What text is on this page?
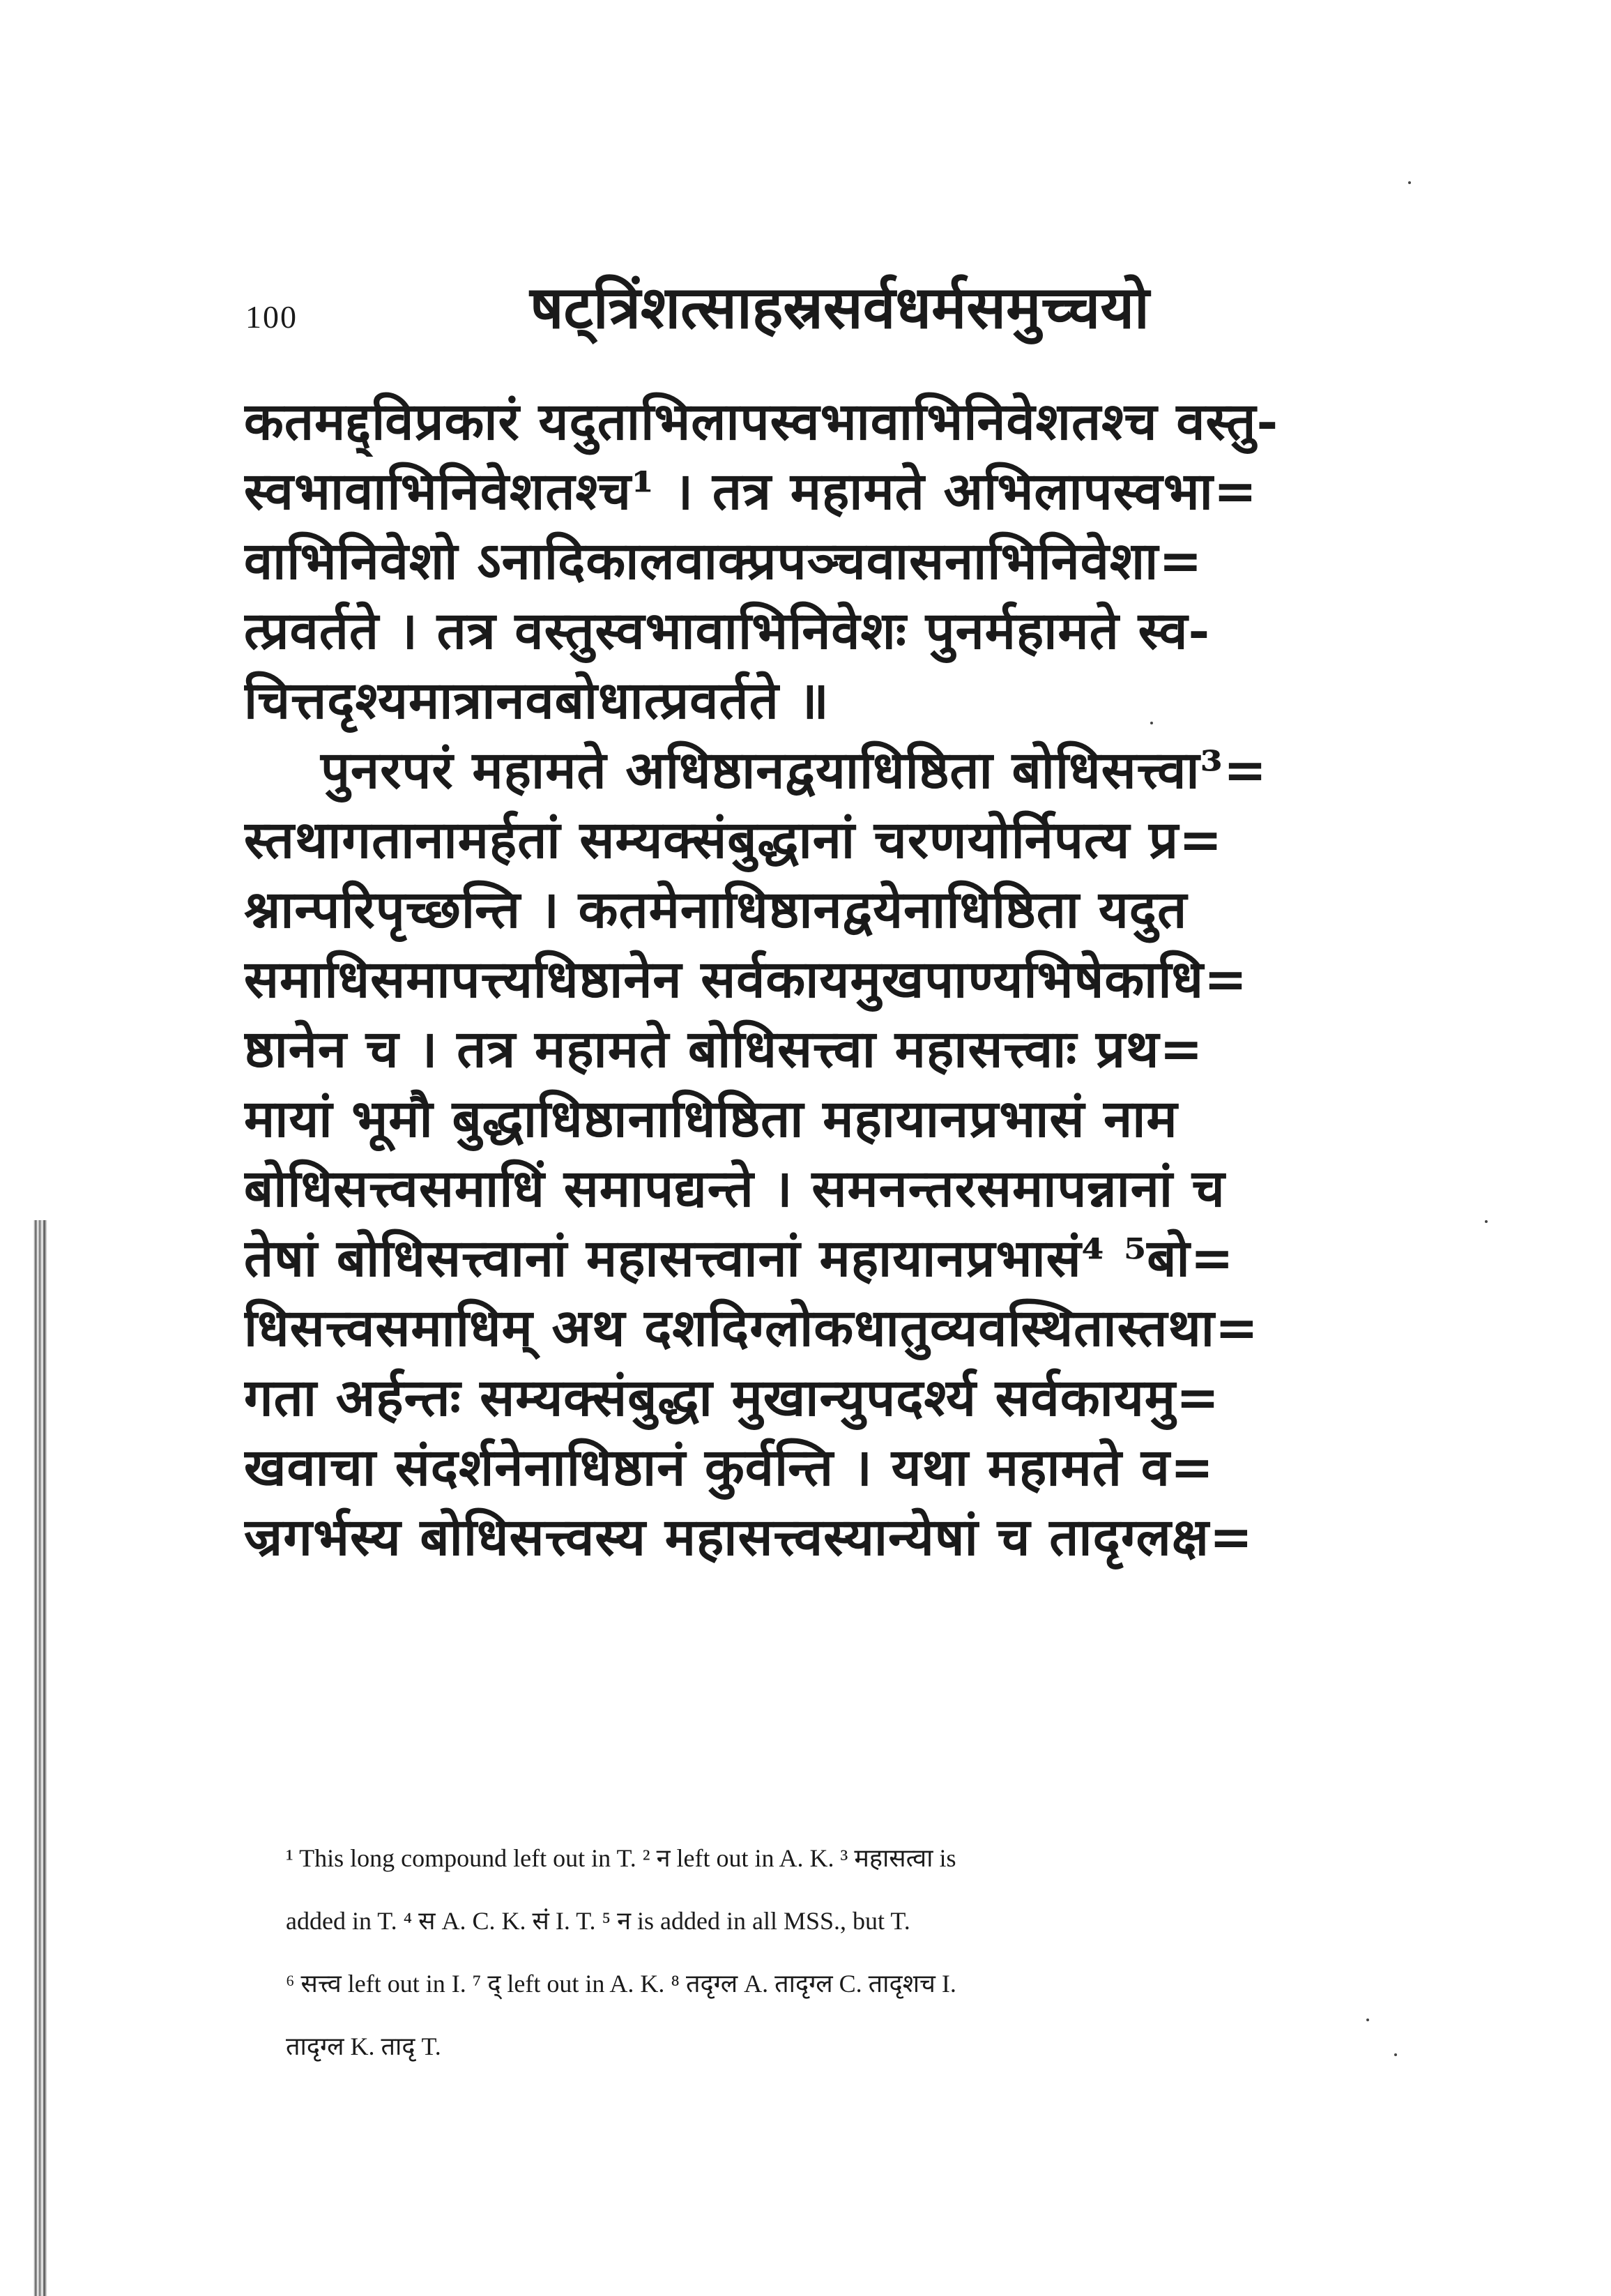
100	षट्त्रिंशत्साहस्रसर्वधर्मसमुच्चयो
कतमद्द्विप्रकारं यदुताभिलापस्वभावाभिनिवेशतश्च वस्तु-
स्वभावाभिनिवेशतश्च¹ । तत्र महामते अभिलापस्वभा=
वाभिनिवेशो ऽनादिकालवाक्प्रपञ्चवासनाभिनिवेशा=
त्प्रवर्तते । तत्र वस्तुस्वभावाभिनिवेशः पुनर्महामते स्व-
चित्तदृश्यमात्रानवबोधात्प्रवर्तते ॥
पुनरपरं महामते अधिष्ठानद्वयाधिष्ठिता बोधिसत्त्वा³=
स्तथागतानामर्हतां सम्यक्संबुद्धानां चरणयोर्निपत्य प्र=
श्नान्परिपृच्छन्ति । कतमेनाधिष्ठानद्वयेनाधिष्ठिता यदुत
समाधिसमापत्त्यधिष्ठानेन सर्वकायमुखपाण्यभिषेकाधि=
ष्ठानेन च । तत्र महामते बोधिसत्त्वा महासत्त्वाः प्रथ=
मायां भूमौ बुद्धाधिष्ठानाधिष्ठिता महायानप्रभासं नाम
बोधिसत्त्वसमाधिं समापद्यन्ते । समनन्तरसमापन्नानां च
तेषां बोधिसत्त्वानां महासत्त्वानां महायानप्रभासं⁴ ⁵बो=
धिसत्त्वसमाधिम् अथ दशदिग्लोकधातुव्यवस्थितास्तथा=
गता अर्हन्तः सम्यक्संबुद्धा मुखान्युपदर्श्य सर्वकायमु=
खवाचा संदर्शनेनाधिष्ठानं कुर्वन्ति । यथा महामते व=
ज्रगर्भस्य बोधिसत्त्वस्य महासत्त्वस्यान्येषां च तादृग्लक्ष=
¹ This long compound left out in T. ² न left out in A. K. ³ महासत्वा is
added in T. ⁴ स A. C. K. सं I. T. ⁵ न is added in all MSS., but T.
⁶ सत्त्व left out in I. ⁷ द् left out in A. K. ⁸ तदृग्ल A. तादृग्ल C. तादृशच I.
तादृग्ल K. तादृ T.
